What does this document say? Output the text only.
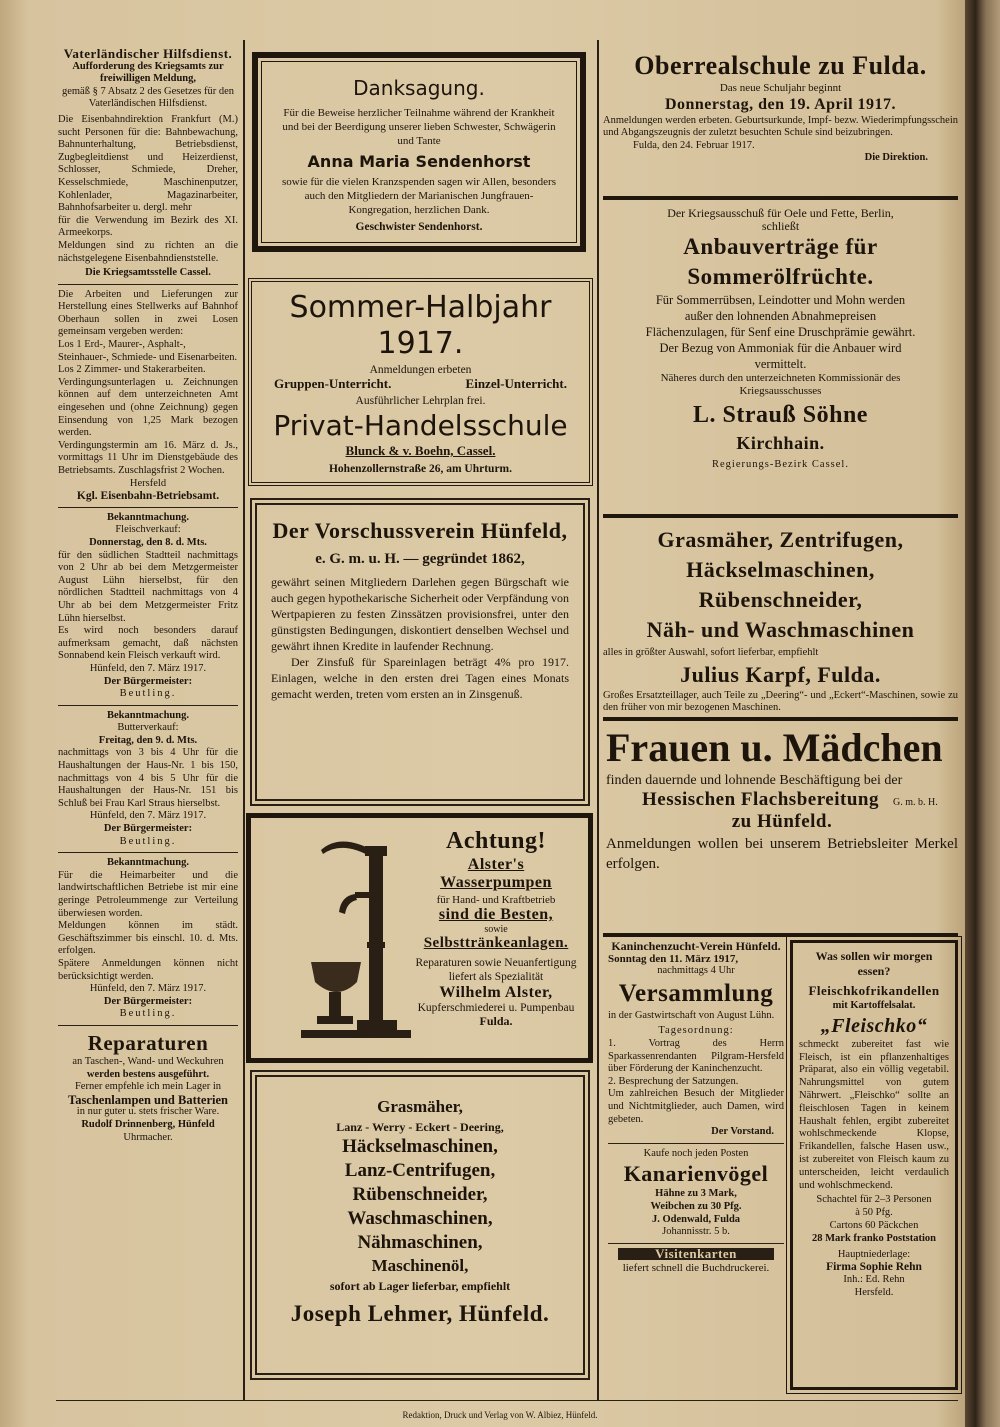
Vaterländischer Hilfsdienst.
Aufforderung des Kriegsamts zur freiwilligen Meldung,
gemäß § 7 Absatz 2 des Gesetzes für den Vaterländischen Hilfsdienst.
Die Eisenbahndirektion Frankfurt (M.) sucht Personen für die: Bahnbewachung, Bahnunterhaltung, Betriebsdienst, Zugbegleitdienst und Heizerdienst, Schlosser, Schmiede, Dreher, Kesselschmiede, Maschinenputzer, Kohlenlader, Magazinarbeiter, Bahnhofsarbeiter u. dergl. mehr
für die Verwendung im Bezirk des XI. Armeekorps.
Meldungen sind zu richten an die nächstgelegene Eisenbahndienststelle.
Die Kriegsamtsstelle Cassel.
Die Arbeiten und Lieferungen zur Herstellung eines Stellwerks auf Bahnhof Oberhaun sollen in zwei Losen gemeinsam vergeben werden:
Los 1 Erd-, Maurer-, Asphalt-, Steinhauer-, Schmiede- und Eisenarbeiten.
Los 2 Zimmer- und Stakerarbeiten.
Verdingungsunterlagen u. Zeichnungen können auf dem unterzeichneten Amt eingesehen und (ohne Zeichnung) gegen Einsendung von 1,25 Mark bezogen werden.
Verdingungstermin am 16. März d. Js., vormittags 11 Uhr im Dienstgebäude des Betriebsamts. Zuschlagsfrist 2 Wochen.
Hersfeld
Kgl. Eisenbahn-Betriebsamt.
Bekanntmachung.
Fleischverkauf:
Donnerstag, den 8. d. Mts.
für den südlichen Stadtteil nachmittags von 2 Uhr ab bei dem Metzgermeister August Lühn hierselbst, für den nördlichen Stadtteil nachmittags von 4 Uhr ab bei dem Metzgermeister Fritz Lühn hierselbst.
Es wird noch besonders darauf aufmerksam gemacht, daß nächsten Sonnabend kein Fleisch verkauft wird.
Hünfeld, den 7. März 1917.
Der Bürgermeister:
Beutling.
Bekanntmachung.
Butterverkauf:
Freitag, den 9. d. Mts.
nachmittags von 3 bis 4 Uhr für die Haushaltungen der Haus-Nr. 1 bis 150, nachmittags von 4 bis 5 Uhr für die Haushaltungen der Haus-Nr. 151 bis Schluß bei Frau Karl Straus hierselbst.
Hünfeld, den 7. März 1917.
Der Bürgermeister:
Beutling.
Bekanntmachung.
Für die Heimarbeiter und die landwirtschaftlichen Betriebe ist mir eine geringe Petroleummenge zur Verteilung überwiesen worden.
Meldungen können im städt. Geschäftszimmer bis einschl. 10. d. Mts. erfolgen.
Spätere Anmeldungen können nicht berücksichtigt werden.
Hünfeld, den 7. März 1917.
Der Bürgermeister:
Beutling.
Reparaturen
an Taschen-, Wand- und Weckuhren
werden bestens ausgeführt.
Ferner empfehle ich mein Lager in
Taschenlampen und Batterien
in nur guter u. stets frischer Ware.
Rudolf Drinnenberg, Hünfeld
Uhrmacher.
Danksagung.
Für die Beweise herzlicher Teilnahme während der Krankheit und bei der Beerdigung unserer lieben Schwester, Schwägerin und Tante
Anna Maria Sendenhorst
sowie für die vielen Kranzspenden sagen wir Allen, besonders auch den Mitgliedern der Marianischen Jungfrauen-Kongregation, herzlichen Dank.
Geschwister Sendenhorst.
Sommer-Halbjahr 1917.
Anmeldungen erbeten
Gruppen-Unterricht.	Einzel-Unterricht.
Ausführlicher Lehrplan frei.
Privat-Handelsschule
Blunck & v. Boehn, Cassel.
Hohenzollernstraße 26, am Uhrturm.
Der Vorschussverein Hünfeld,
e. G. m. u. H. — gegründet 1862,
gewährt seinen Mitgliedern Darlehen gegen Bürgschaft wie auch gegen hypothekarische Sicherheit oder Verpfändung von Wertpapieren zu festen Zinssätzen provisionsfrei, unter den günstigsten Bedingungen, diskontiert denselben Wechsel und gewährt ihnen Kredite in laufender Rechnung.
Der Zinsfuß für Spareinlagen beträgt 4% pro 1917. Einlagen, welche in den ersten drei Tagen eines Monats gemacht werden, treten vom ersten an in Zinsgenuß.
Achtung!
Alster's Wasserpumpen
für Hand- und Kraftbetrieb
sind die Besten,
sowie
Selbsttränkeanlagen.
Reparaturen sowie Neuanfertigung liefert als Spezialität
Wilhelm Alster,
Kupferschmiederei u. Pumpenbau
Fulda.
Grasmäher,
Lanz - Werry - Eckert - Deering,
Häckselmaschinen,
Lanz-Centrifugen,
Rübenschneider,
Waschmaschinen,
Nähmaschinen,
Maschinenöl,
sofort ab Lager lieferbar, empfiehlt
Joseph Lehmer, Hünfeld.
Oberrealschule zu Fulda.
Das neue Schuljahr beginnt
Donnerstag, den 19. April 1917.
Anmeldungen werden erbeten. Geburtsurkunde, Impf- bezw. Wiederimpfungsschein und Abgangszeugnis der zuletzt besuchten Schule sind beizubringen.
Fulda, den 24. Februar 1917.
Die Direktion.
Der Kriegsausschuß für Oele und Fette, Berlin,
schließt
Anbauverträge für Sommerölfrüchte.
Für Sommerrübsen, Leindotter und Mohn werden außer den lohnenden Abnahmepreisen Flächenzulagen, für Senf eine Druschprämie gewährt. Der Bezug von Ammoniak für die Anbauer wird vermittelt.
Näheres durch den unterzeichneten Kommissionär des Kriegsausschusses
L. Strauß Söhne
Kirchhain.
Regierungs-Bezirk Cassel.
Grasmäher, Zentrifugen,
Häckselmaschinen, Rübenschneider,
Näh- und Waschmaschinen
alles in größter Auswahl, sofort lieferbar, empfiehlt
Julius Karpf, Fulda.
Großes Ersatzteillager, auch Teile zu „Deering“- und „Eckert“-Maschinen, sowie zu den früher von mir bezogenen Maschinen.
Frauen u. Mädchen
finden dauernde und lohnende Beschäftigung bei der
Hessischen Flachsbereitung G. m. b. H.
zu Hünfeld.
Anmeldungen wollen bei unserem Betriebsleiter Merkel erfolgen.
Kaninchenzucht-Verein Hünfeld.
Sonntag den 11. März 1917,
nachmittags 4 Uhr
Versammlung
in der Gastwirtschaft von August Lühn.
Tagesordnung:
1. Vortrag des Herrn Sparkassenrendanten Pilgram-Hersfeld über Förderung der Kaninchenzucht.
2. Besprechung der Satzungen.
Um zahlreichen Besuch der Mitglieder und Nichtmitglieder, auch Damen, wird gebeten.
Der Vorstand.
Kaufe noch jeden Posten
Kanarienvögel
Hähne zu 3 Mark,
Weibchen zu 30 Pfg.
J. Odenwald, Fulda
Johannisstr. 5 b.
Visitenkarten
liefert schnell die Buchdruckerei.
Was sollen wir morgen essen?
Fleischkofrikandellen
mit Kartoffelsalat.
„Fleischko“
schmeckt zubereitet fast wie Fleisch, ist ein pflanzenhaltiges Präparat, also ein völlig vegetabil. Nahrungsmittel von gutem Nährwert. „Fleischko“ sollte an fleischlosen Tagen in keinem Haushalt fehlen, ergibt zubereitet wohlschmeckende Klopse, Frikandellen, falsche Hasen usw., ist zubereitet von Fleisch kaum zu unterscheiden, leicht verdaulich und wohlschmeckend.
Schachtel für 2–3 Personen
à 50 Pfg.
Cartons 60 Päckchen
28 Mark franko Poststation
Hauptniederlage:
Firma Sophie Rehn
Inh.: Ed. Rehn
Hersfeld.
Redaktion, Druck und Verlag von W. Albiez, Hünfeld.
